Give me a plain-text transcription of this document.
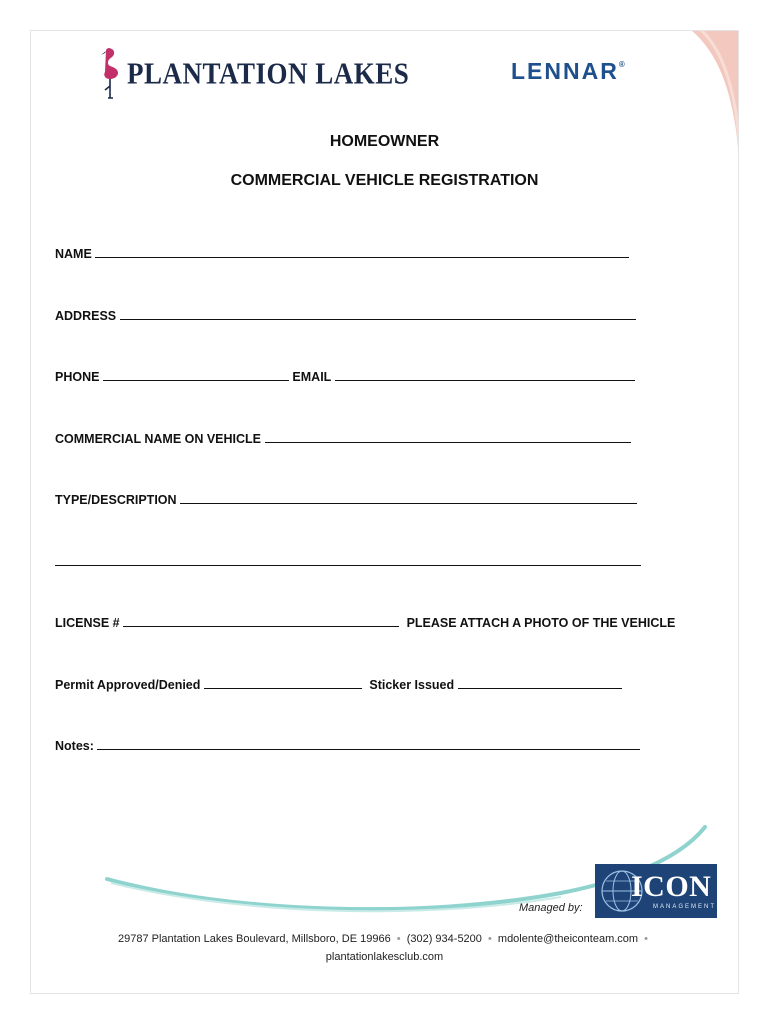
PLANTATION LAKES	LENNAR®
HOMEOWNER
COMMERCIAL VEHICLE REGISTRATION
NAME
ADDRESS
PHONE	EMAIL
COMMERCIAL NAME ON VEHICLE
TYPE/DESCRIPTION
LICENSE #	PLEASE ATTACH A PHOTO OF THE VEHICLE
Permit Approved/Denied	Sticker Issued
Notes:
Managed by:
ICON
MANAGEMENT
29787 Plantation Lakes Boulevard, Millsboro, DE 19966 • (302) 934-5200 • mdolente@theiconteam.com •
plantationlakesclub.com
